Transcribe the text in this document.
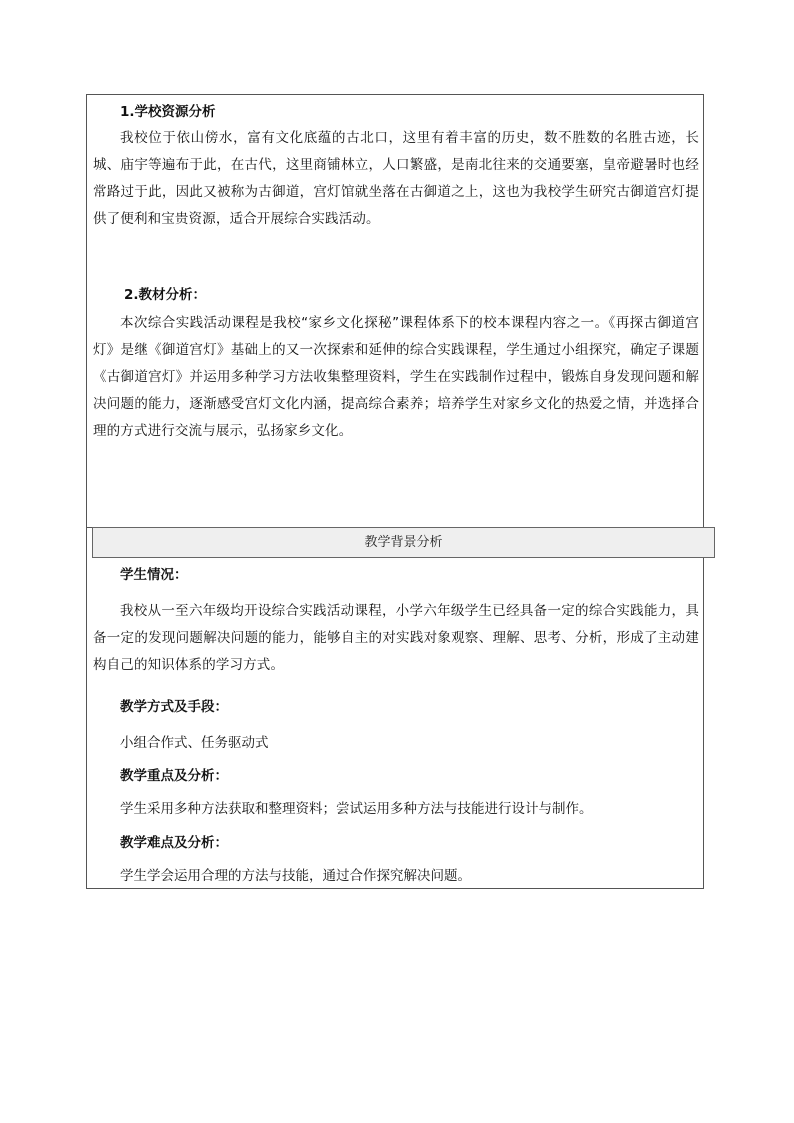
1.学校资源分析

我校位于依山傍水，富有文化底蕴的古北口，这里有着丰富的历史，数不胜数的名胜古迹，长城、庙宇等遍布于此，在古代，这里商铺林立，人口繁盛，是南北往来的交通要塞，皇帝避暑时也经常路过于此，因此又被称为古御道，宫灯馆就坐落在古御道之上，这也为我校学生研究古御道宫灯提供了便利和宝贵资源，适合开展综合实践活动。

2.教材分析：

本次综合实践活动课程是我校“家乡文化探秘”课程体系下的校本课程内容之一。《再探古御道宫灯》是继《御道宫灯》基础上的又一次探索和延伸的综合实践课程，学生通过小组探究，确定子课题《古御道宫灯》并运用多种学习方法收集整理资料，学生在实践制作过程中，锻炼自身发现问题和解决问题的能力，逐渐感受宫灯文化内涵，提高综合素养；培养学生对家乡文化的热爱之情，并选择合理的方式进行交流与展示，弘扬家乡文化。

教学背景分析
学生情况：

我校从一至六年级均开设综合实践活动课程，小学六年级学生已经具备一定的综合实践能力，具备一定的发现问题解决问题的能力，能够自主的对实践对象观察、理解、思考、分析，形成了主动建构自己的知识体系的学习方式。

教学方式及手段：
小组合作式、任务驱动式
教学重点及分析：
学生采用多种方法获取和整理资料；尝试运用多种方法与技能进行设计与制作。
教学难点及分析：
学生学会运用合理的方法与技能，通过合作探究解决问题。
